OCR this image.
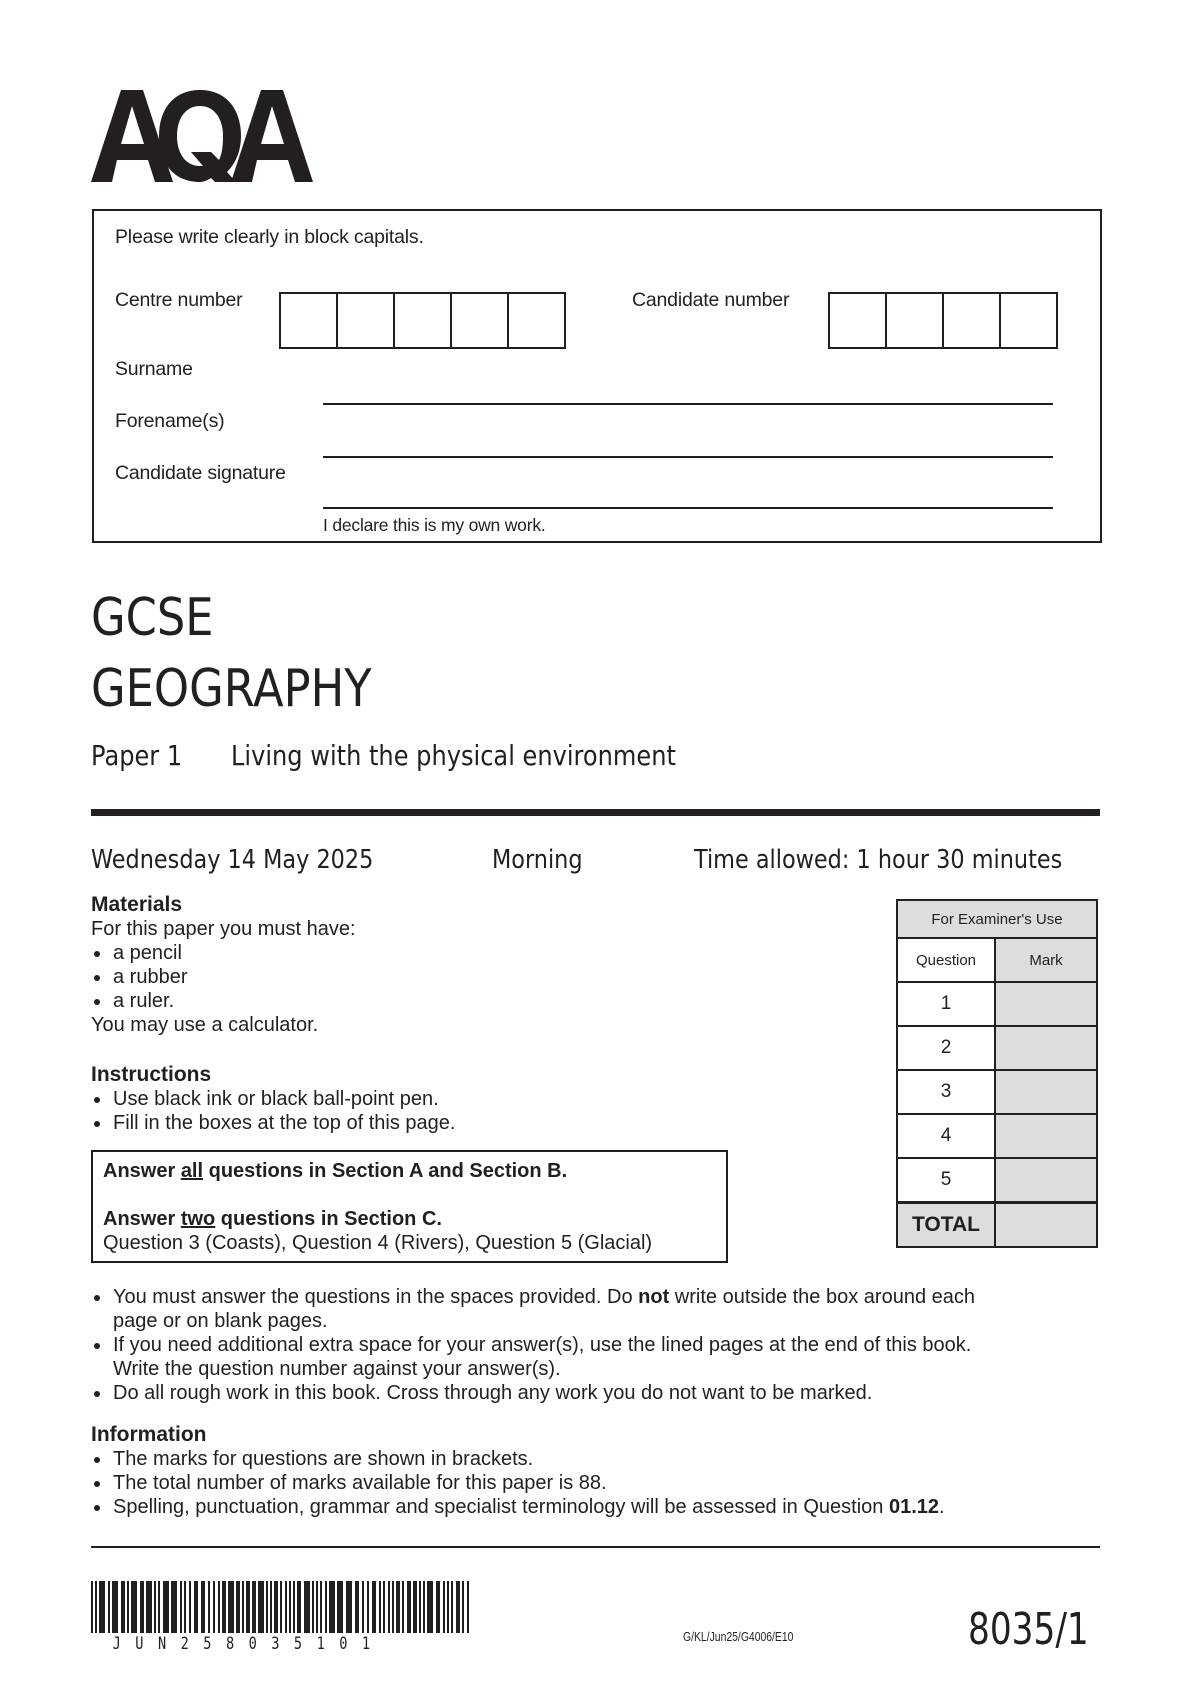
Please write clearly in block capitals.
Centre number	Candidate number
Surname
Forename(s)
Candidate signature
I declare this is my own work.
GCSE
GEOGRAPHY
Paper 1 Living with the physical environment
Wednesday 14 May 2025	Morning	Time allowed: 1 hour 30 minutes
Materials
For this paper you must have:
a pencil
a rubber
a ruler.
You may use a calculator.
Instructions
Use black ink or black ball-point pen.
Fill in the boxes at the top of this page.
Answer all questions in Section A and Section B.
Answer two questions in Section C.
Question 3 (Coasts), Question 4 (Rivers), Question 5 (Glacial)
You must answer the questions in the spaces provided. Do not write outside the box around each
page or on blank pages.
If you need additional extra space for your answer(s), use the lined pages at the end of this book.
Write the question number against your answer(s).
Do all rough work in this book. Cross through any work you do not want to be marked.
Information
The marks for questions are shown in brackets.
The total number of marks available for this paper is 88.
Spelling, punctuation, grammar and specialist terminology will be assessed in Question 01.12.
For Examiner's Use	
Question	Mark
1	
2	
3	
4	
5	
TOTAL	
J U N 2 5 8 0 3 5 1 0 1	G/KL/Jun25/G4006/E10	8035/1
